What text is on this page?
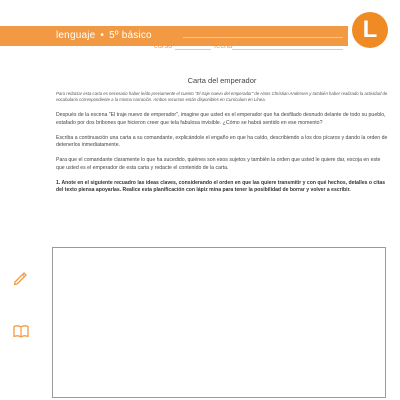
lenguaje • 5º básico nombre
curso	fecha
L
Carta del emperador
Para redactar esta carta es necesario haber leído previamente el cuento "El traje nuevo del emperador" de Hans Christian Andersen y también haber realizado la actividad de vocabulario correspondiente a la misma narración. Ambos recursos están disponibles en Curriculum en Línea.
Después de la escena "El traje nuevo de emperador", imagine que usted es el emperador que ha desfilado desnudo delante de todo su pueblo, estafado por dos bribones que hicieron creer que tela fabulosa invisible. ¿Cómo se habrá sentido en ese momento?
Escriba a continuación una carta a su comandante, explicándole el engaño en que ha caído, describiendo a los dos pícaros y dando la orden de detenerlos inmediatamente.
Para que el comandante claramente lo que ha sucedido, quiénes son esos sujetos y también la orden que usted le quiere dar, escoja en este que usted es el emperador de esta carta y redacte el contenido de la carta.
1. Anote en el siguiente recuadro las ideas claves, considerando el orden en que las quiere transmitir y con qué hechos, detalles o citas del texto piensa apoyarlas. Realice esta planificación con lápiz mina para tener la posibilidad de borrar y volver a escribir.
